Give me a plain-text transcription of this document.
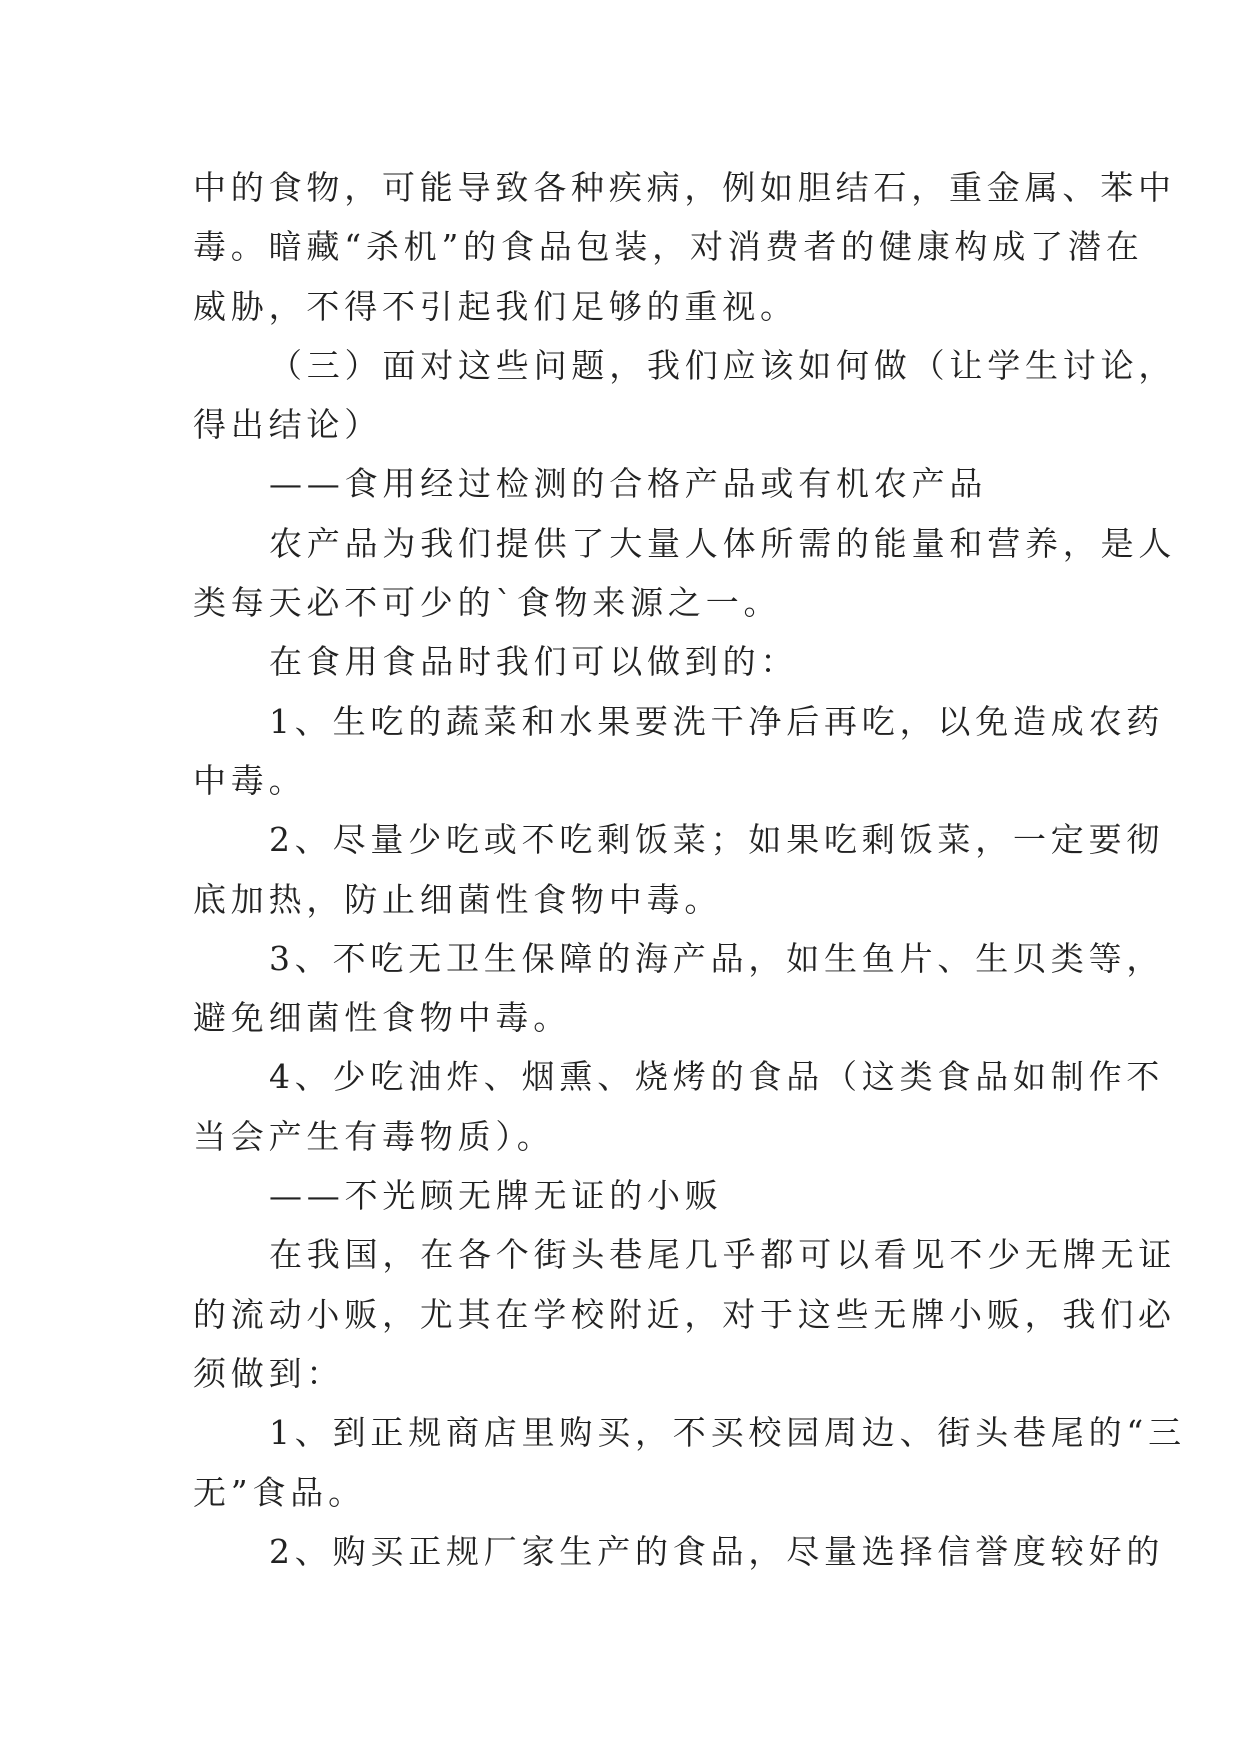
中的食物，可能导致各种疾病，例如胆结石，重金属、苯中
毒。暗藏“杀机”的食品包装，对消费者的健康构成了潜在
威胁，不得不引起我们足够的重视。
（三）面对这些问题，我们应该如何做（让学生讨论，
得出结论）
——食用经过检测的合格产品或有机农产品
农产品为我们提供了大量人体所需的能量和营养，是人
类每天必不可少的`食物来源之一。
在食用食品时我们可以做到的：
1、生吃的蔬菜和水果要洗干净后再吃，以免造成农药
中毒。
2、尽量少吃或不吃剩饭菜；如果吃剩饭菜，一定要彻
底加热，防止细菌性食物中毒。
3、不吃无卫生保障的海产品，如生鱼片、生贝类等，
避免细菌性食物中毒。
4、少吃油炸、烟熏、烧烤的食品（这类食品如制作不
当会产生有毒物质）。
——不光顾无牌无证的小贩
在我国，在各个街头巷尾几乎都可以看见不少无牌无证
的流动小贩，尤其在学校附近，对于这些无牌小贩，我们必
须做到：
1、到正规商店里购买，不买校园周边、街头巷尾的“三
无”食品。
2、购买正规厂家生产的食品，尽量选择信誉度较好的
